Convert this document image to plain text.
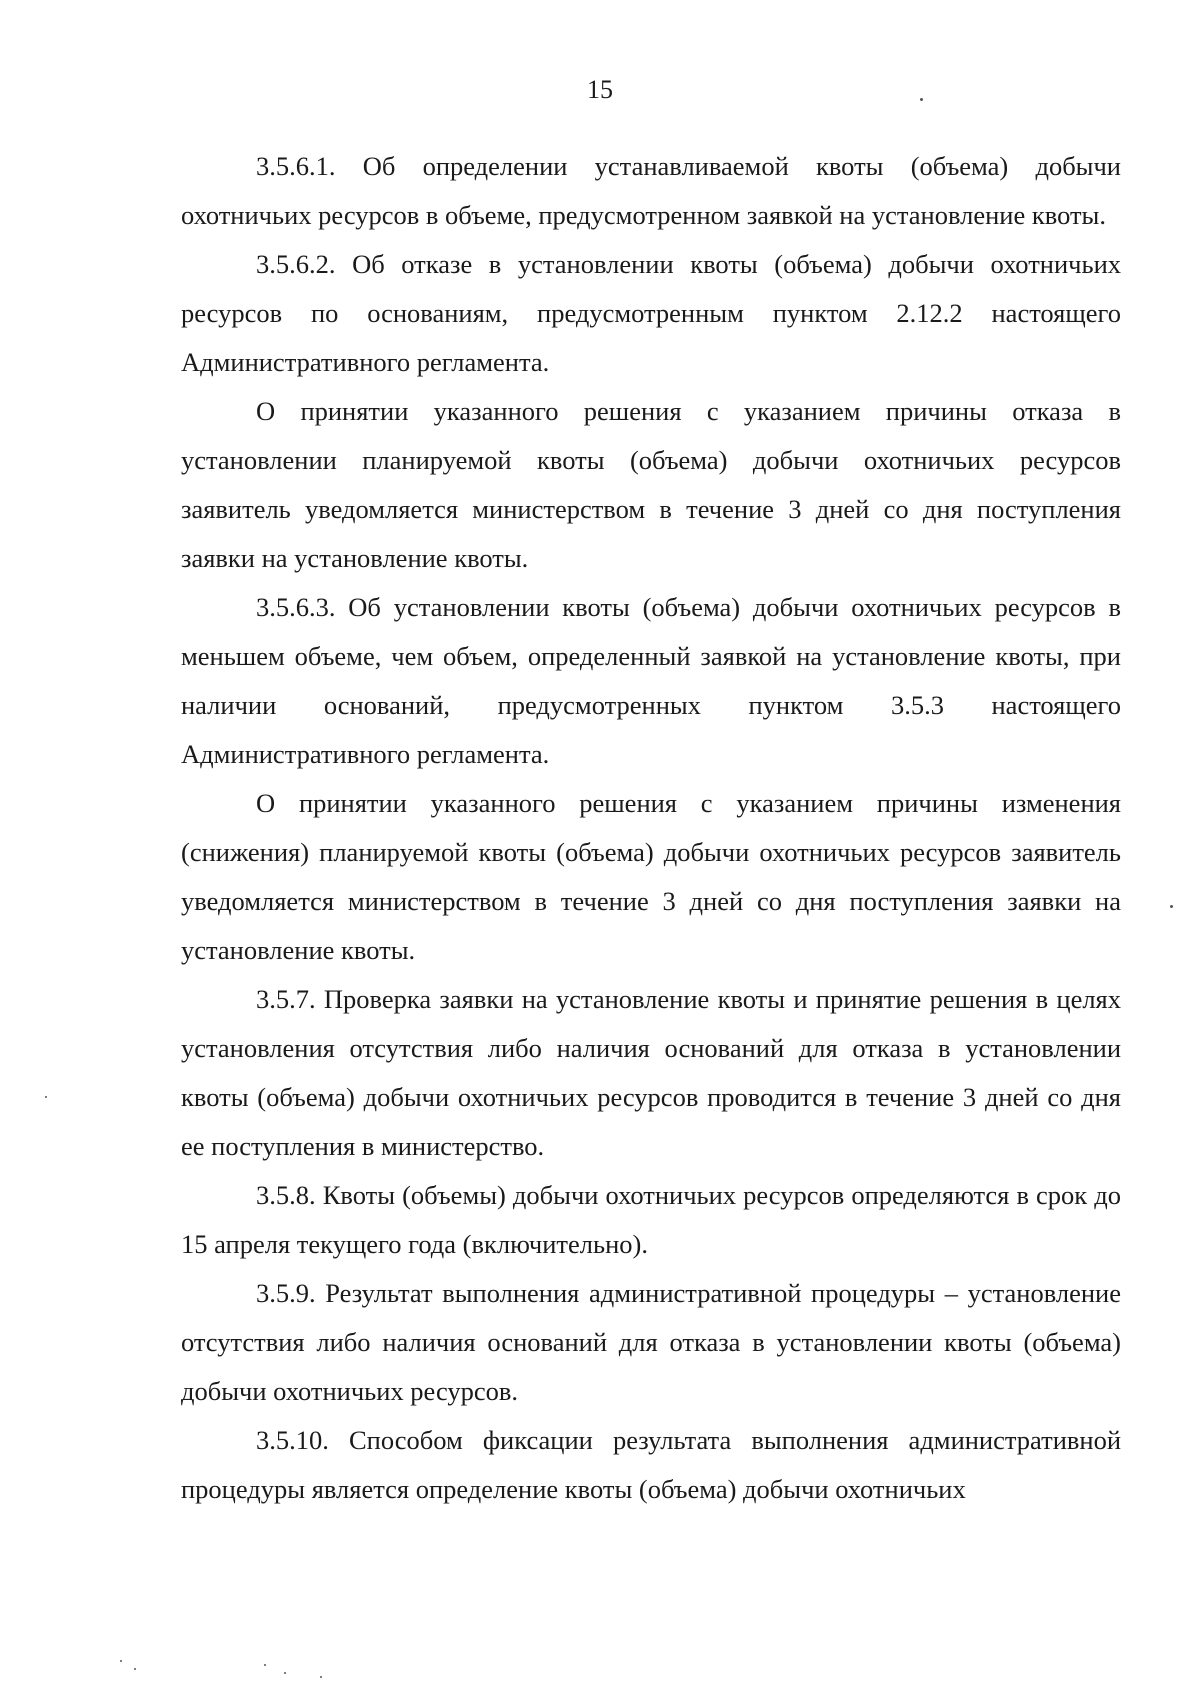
15

3.5.6.1. Об определении устанавливаемой квоты (объема) добычи охотничьих ресурсов в объеме, предусмотренном заявкой на установление квоты.

3.5.6.2. Об отказе в установлении квоты (объема) добычи охотничьих ресурсов по основаниям, предусмотренным пунктом 2.12.2 настоящего Административного регламента.

О принятии указанного решения с указанием причины отказа в установлении планируемой квоты (объема) добычи охотничьих ресурсов заявитель уведомляется министерством в течение 3 дней со дня поступления заявки на установление квоты.

3.5.6.3. Об установлении квоты (объема) добычи охотничьих ресурсов в меньшем объеме, чем объем, определенный заявкой на установление квоты, при наличии оснований, предусмотренных пунктом 3.5.3 настоящего Административного регламента.

О принятии указанного решения с указанием причины изменения (снижения) планируемой квоты (объема) добычи охотничьих ресурсов заявитель уведомляется министерством в течение 3 дней со дня поступления заявки на установление квоты.

3.5.7. Проверка заявки на установление квоты и принятие решения в целях установления отсутствия либо наличия оснований для отказа в установлении квоты (объема) добычи охотничьих ресурсов проводится в течение 3 дней со дня ее поступления в министерство.

3.5.8. Квоты (объемы) добычи охотничьих ресурсов определяются в срок до 15 апреля текущего года (включительно).

3.5.9. Результат выполнения административной процедуры – установление отсутствия либо наличия оснований для отказа в установлении квоты (объема) добычи охотничьих ресурсов.

3.5.10. Способом фиксации результата выполнения административной процедуры является определение квоты (объема) добычи охотничьих
